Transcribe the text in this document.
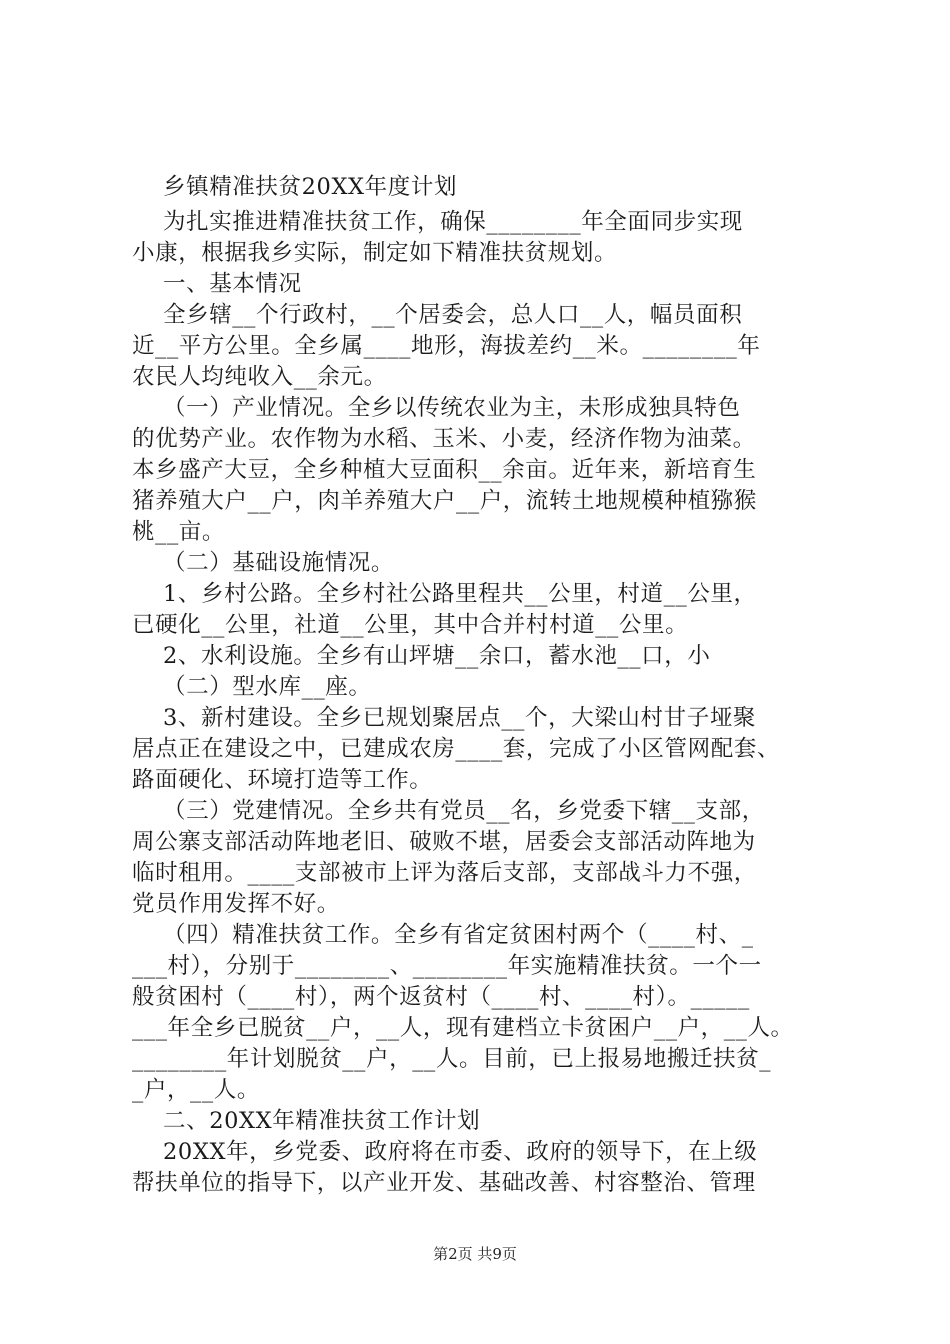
乡镇精准扶贫20XX年度计划
为扎实推进精准扶贫工作，确保________年全面同步实现
小康，根据我乡实际，制定如下精准扶贫规划。
一、基本情况
全乡辖__个行政村，__个居委会，总人口__人，幅员面积
近__平方公里。全乡属____地形，海拔差约__米。________年
农民人均纯收入__余元。
（一）产业情况。全乡以传统农业为主，未形成独具特色
的优势产业。农作物为水稻、玉米、小麦，经济作物为油菜。
本乡盛产大豆，全乡种植大豆面积__余亩。近年来，新培育生
猪养殖大户__户，肉羊养殖大户__户，流转土地规模种植猕猴
桃__亩。
（二）基础设施情况。
1、乡村公路。全乡村社公路里程共__公里，村道__公里，
已硬化__公里，社道__公里，其中合并村村道__公里。
2、水利设施。全乡有山坪塘__余口，蓄水池__口，小
（二）型水库__座。
3、新村建设。全乡已规划聚居点__个，大梁山村甘子垭聚
居点正在建设之中，已建成农房____套，完成了小区管网配套、
路面硬化、环境打造等工作。
（三）党建情况。全乡共有党员__名，乡党委下辖__支部，
周公寨支部活动阵地老旧、破败不堪，居委会支部活动阵地为
临时租用。____支部被市上评为落后支部，支部战斗力不强，
党员作用发挥不好。
（四）精准扶贫工作。全乡有省定贫困村两个（____村、_
___村），分别于________、________年实施精准扶贫。一个一
般贫困村（____村），两个返贫村（____村、____村）。_____
___年全乡已脱贫__户，__人，现有建档立卡贫困户__户，__人。
________年计划脱贫__户，__人。目前，已上报易地搬迁扶贫_
_户，__人。
二、20XX年精准扶贫工作计划
20XX年，乡党委、政府将在市委、政府的领导下，在上级
帮扶单位的指导下，以产业开发、基础改善、村容整治、管理
第2页 共9页
